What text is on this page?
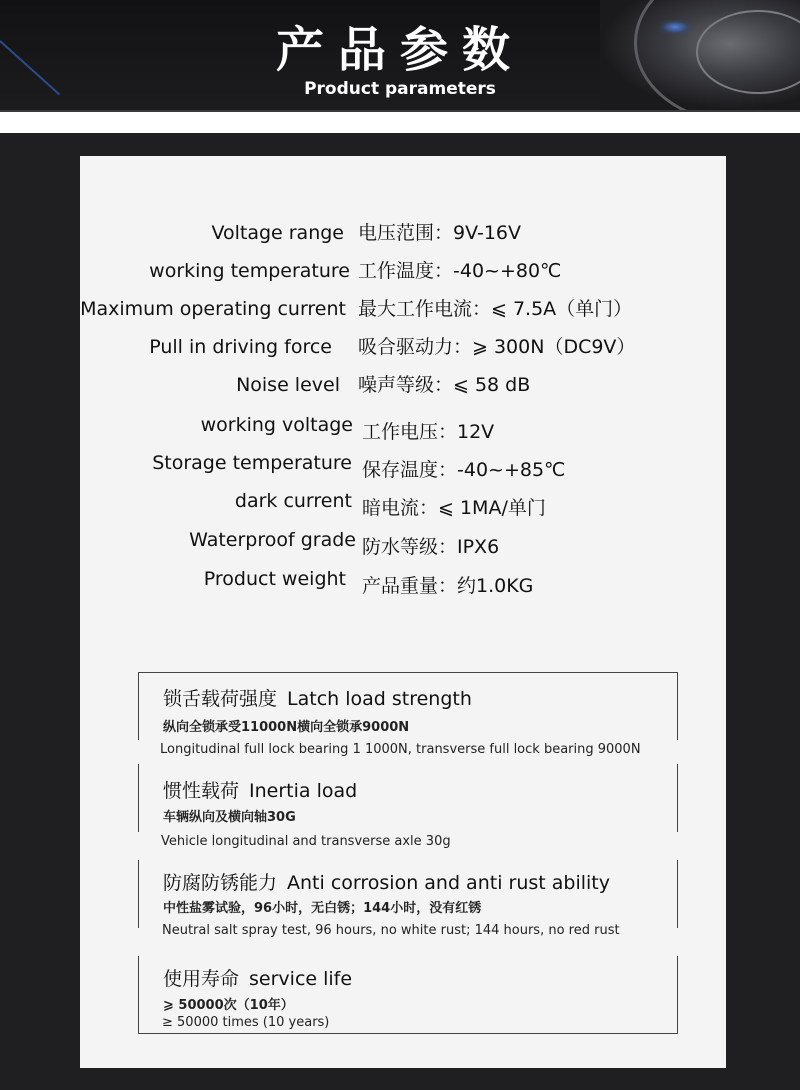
产品参数
Product parameters
Voltage range 电压范围：9V-16V
working temperature 工作温度：-40~+80℃
Maximum operating current 最大工作电流：⩽ 7.5A（单门）
Pull in driving force 吸合驱动力：⩾ 300N（DC9V）
Noise level 噪声等级：⩽ 58 dB
working voltage 工作电压：12V
Storage temperature 保存温度：-40~+85℃
dark current 暗电流：⩽ 1MA/单门
Waterproof grade 防水等级：IPX6
Product weight 产品重量：约1.0KG
锁舌载荷强度 Latch load strength
纵向全锁承受11000N横向全锁承9000N
Longitudinal full lock bearing 1 1000N, transverse full lock bearing 9000N
惯性载荷 Inertia load
车辆纵向及横向轴30G
Vehicle longitudinal and transverse axle 30g
防腐防锈能力 Anti corrosion and anti rust ability
中性盐雾试验，96小时，无白锈；144小时，没有红锈
Neutral salt spray test, 96 hours, no white rust; 144 hours, no red rust
使用寿命 service life
⩾ 50000次（10年）
≥ 50000 times (10 years)
